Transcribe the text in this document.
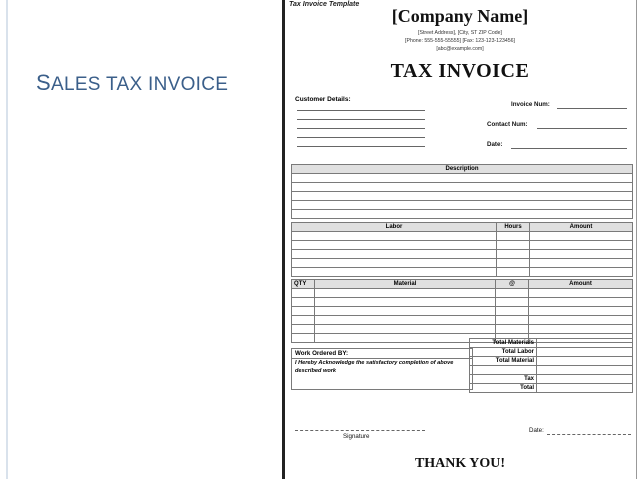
SALES TAX INVOICE
Tax Invoice Template
[Company Name]
[Street Address], [City, ST ZIP Code]
[Phone: 555-555-55555] [Fax: 123-123-123456]
[abc@example.com]
TAX INVOICE
Customer Details:
Invoice Num:
Contact Num:
Date:
Description

Labor	Hours	Amount

QTY	Material	@	Amount

Total Materials	
Total Labor	
Total Material	

Tax	
Total	
Work Ordered BY:
I Hereby Acknowledge the satisfactory completion of above described work
Signature
Date:
THANK YOU!
